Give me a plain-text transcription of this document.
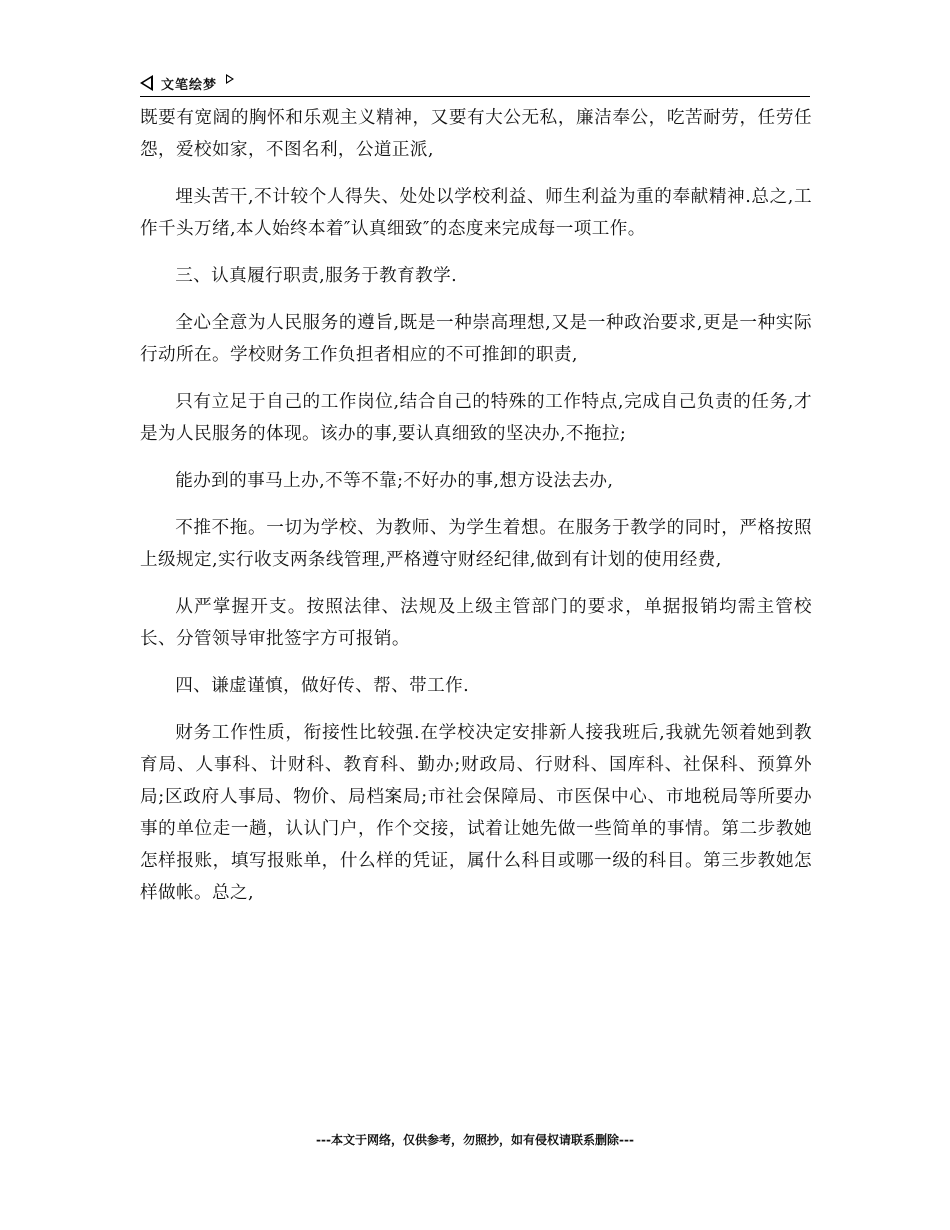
文笔绘梦

既要有宽阔的胸怀和乐观主义精神，又要有大公无私，廉洁奉公，吃苦耐劳，任劳任怨，爱校如家，不图名利，公道正派,

埋头苦干,不计较个人得失、处处以学校利益、师生利益为重的奉献精神.总之,工作千头万绪,本人始终本着″认真细致″的态度来完成每一项工作。

三、认真履行职责,服务于教育教学.

全心全意为人民服务的遵旨,既是一种崇高理想,又是一种政治要求,更是一种实际行动所在。学校财务工作负担者相应的不可推卸的职责,

只有立足于自己的工作岗位,结合自己的特殊的工作特点,完成自己负责的任务,才是为人民服务的体现。该办的事,要认真细致的坚决办,不拖拉;

能办到的事马上办,不等不靠;不好办的事,想方设法去办,

不推不拖。一切为学校、为教师、为学生着想。在服务于教学的同时，严格按照上级规定,实行收支两条线管理,严格遵守财经纪律,做到有计划的使用经费,

从严掌握开支。按照法律、法规及上级主管部门的要求，单据报销均需主管校长、分管领导审批签字方可报销。

四、谦虚谨慎，做好传、帮、带工作.

财务工作性质，衔接性比较强.在学校决定安排新人接我班后,我就先领着她到教育局、人事科、计财科、教育科、勤办;财政局、行财科、国库科、社保科、预算外局;区政府人事局、物价、局档案局;市社会保障局、市医保中心、市地税局等所要办事的单位走一趟，认认门户，作个交接，试着让她先做一些简单的事情。第二步教她怎样报账，填写报账单，什么样的凭证，属什么科目或哪一级的科目。第三步教她怎样做帐。总之,

---本文于网络，仅供参考，勿照抄，如有侵权请联系删除---
